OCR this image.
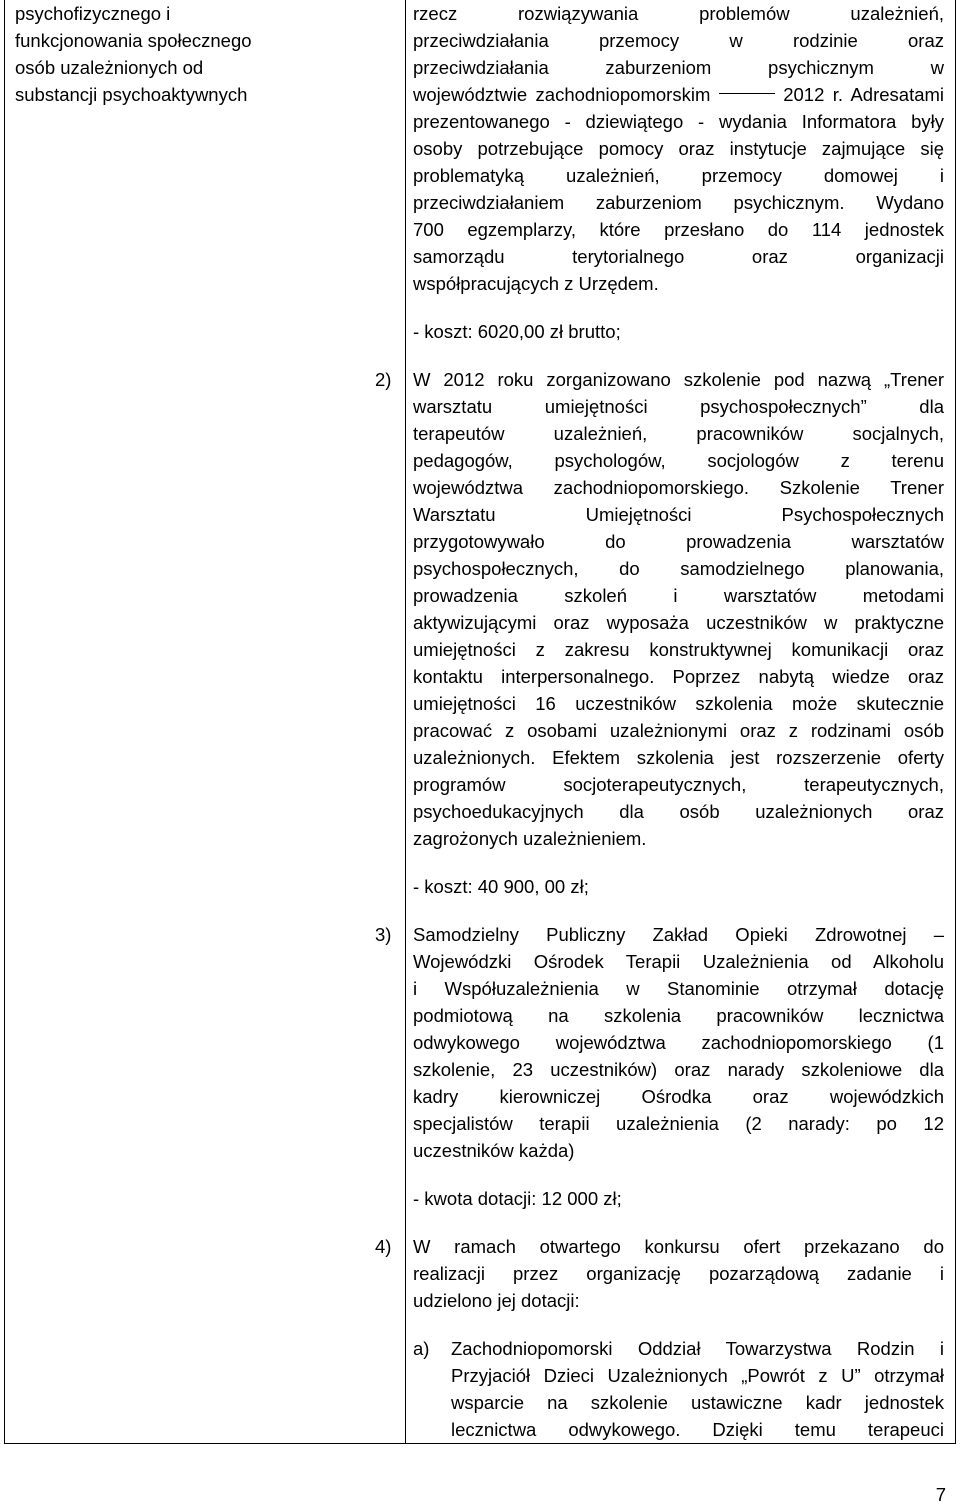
psychofizycznego i

funkcjonowania społecznego

osób uzależnionych od

substancji psychoaktywnych

rzecz rozwiązywania problemów uzależnień,

przeciwdziałania przemocy w rodzinie oraz

przeciwdziałania zaburzeniom psychicznym w

województwie zachodniopomorskim	2012 r. Adresatami

prezentowanego - dziewiątego - wydania Informatora były

osoby potrzebujące pomocy oraz instytucje zajmujące się

problematyką uzależnień, przemocy domowej i

przeciwdziałaniem zaburzeniom psychicznym. Wydano

700 egzemplarzy, które przesłano do 114 jednostek

samorządu terytorialnego oraz organizacji

współpracujących z Urzędem.

- koszt: 6020,00 zł brutto;

2) W 2012 roku zorganizowano szkolenie pod nazwą „Trener

warsztatu umiejętności psychospołecznych” dla

terapeutów uzależnień, pracowników socjalnych,

pedagogów, psychologów, socjologów z terenu

województwa zachodniopomorskiego. Szkolenie Trener

Warsztatu Umiejętności Psychospołecznych

przygotowywało do prowadzenia warsztatów

psychospołecznych, do samodzielnego planowania,

prowadzenia szkoleń i warsztatów metodami

aktywizującymi oraz wyposaża uczestników w praktyczne

umiejętności z zakresu konstruktywnej komunikacji oraz

kontaktu interpersonalnego. Poprzez nabytą wiedze oraz

umiejętności 16 uczestników szkolenia może skutecznie

pracować z osobami uzależnionymi oraz z rodzinami osób

uzależnionych. Efektem szkolenia jest rozszerzenie oferty

programów socjoterapeutycznych, terapeutycznych,

psychoedukacyjnych dla osób uzależnionych oraz

zagrożonych uzależnieniem.

- koszt: 40 900, 00 zł;

3) Samodzielny Publiczny Zakład Opieki Zdrowotnej –

Wojewódzki Ośrodek Terapii Uzależnienia od Alkoholu

i Współuzależnienia w Stanominie otrzymał dotację

podmiotową na szkolenia pracowników lecznictwa

odwykowego województwa zachodniopomorskiego (1

szkolenie, 23 uczestników) oraz narady szkoleniowe dla

kadry kierowniczej Ośrodka oraz wojewódzkich

specjalistów terapii uzależnienia (2 narady: po 12

uczestników każda)

- kwota dotacji: 12 000 zł;

4) W ramach otwartego konkursu ofert przekazano do

realizacji przez organizację pozarządową zadanie i

udzielono jej dotacji:

a) Zachodniopomorski Oddział Towarzystwa Rodzin i

Przyjaciół Dzieci Uzależnionych „Powrót z U” otrzymał

wsparcie na szkolenie ustawiczne kadr jednostek

lecznictwa odwykowego. Dzięki temu terapeuci

7
